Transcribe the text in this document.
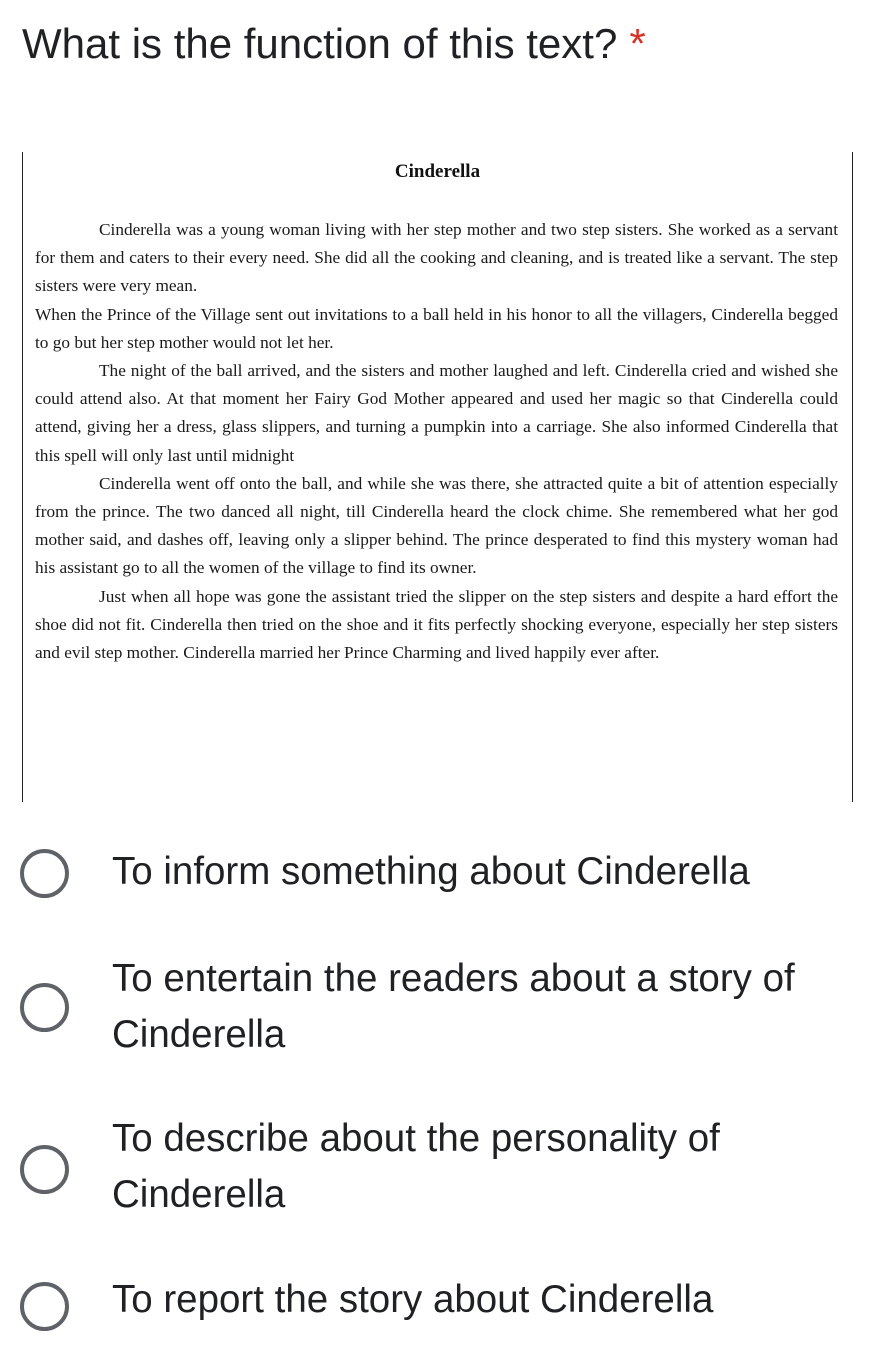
What is the function of this text? *
Cinderella

Cinderella was a young woman living with her step mother and two step sisters. She worked as a servant for them and caters to their every need. She did all the cooking and cleaning, and is treated like a servant. The step sisters were very mean.

When the Prince of the Village sent out invitations to a ball held in his honor to all the villagers, Cinderella begged to go but her step mother would not let her.

The night of the ball arrived, and the sisters and mother laughed and left. Cinderella cried and wished she could attend also. At that moment her Fairy God Mother appeared and used her magic so that Cinderella could attend, giving her a dress, glass slippers, and turning a pumpkin into a carriage. She also informed Cinderella that this spell will only last until midnight

Cinderella went off onto the ball, and while she was there, she attracted quite a bit of attention especially from the prince. The two danced all night, till Cinderella heard the clock chime. She remembered what her god mother said, and dashes off, leaving only a slipper behind. The prince desperated to find this mystery woman had his assistant go to all the women of the village to find its owner.

Just when all hope was gone the assistant tried the slipper on the step sisters and despite a hard effort the shoe did not fit. Cinderella then tried on the shoe and it fits perfectly shocking everyone, especially her step sisters and evil step mother. Cinderella married her Prince Charming and lived happily ever after.

To inform something about Cinderella
To entertain the readers about a story of Cinderella
To describe about the personality of Cinderella
To report the story about Cinderella
